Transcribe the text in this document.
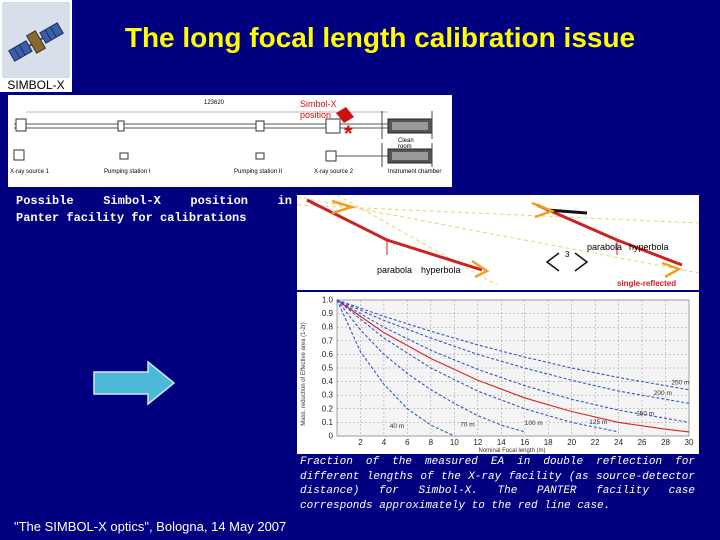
SIMBOL-X
The long focal length calibration issue
*
123620	Simbol-X position
Clean room
X-ray source 1	Pumping station I	Pumping station II	X-ray source 2	Instrument chamber
Possible Simbol-X position in

Panter facility for calibrations

parabola hyperbola
3
parabola hyperbola
single-reflected
0
0.1
0.2
0.3
0.4
0.5
0.6
0.7
0.8
0.9
1.0
2 4 6 8 10 12 14 16 18 20 22 24 26 28 30
40 m	70 m	100 m	125 m
150 m
200 m
250 m
Mass. reduction of Effective area (1-2r)
Nominal Focal length (m)
Fraction of the measured EA in double reflection for different lengths of the X-ray facility (as source-detector distance) for Simbol-X. The PANTER facility case corresponds approximately to the red line case.
"The SIMBOL-X optics", Bologna, 14 May 2007
